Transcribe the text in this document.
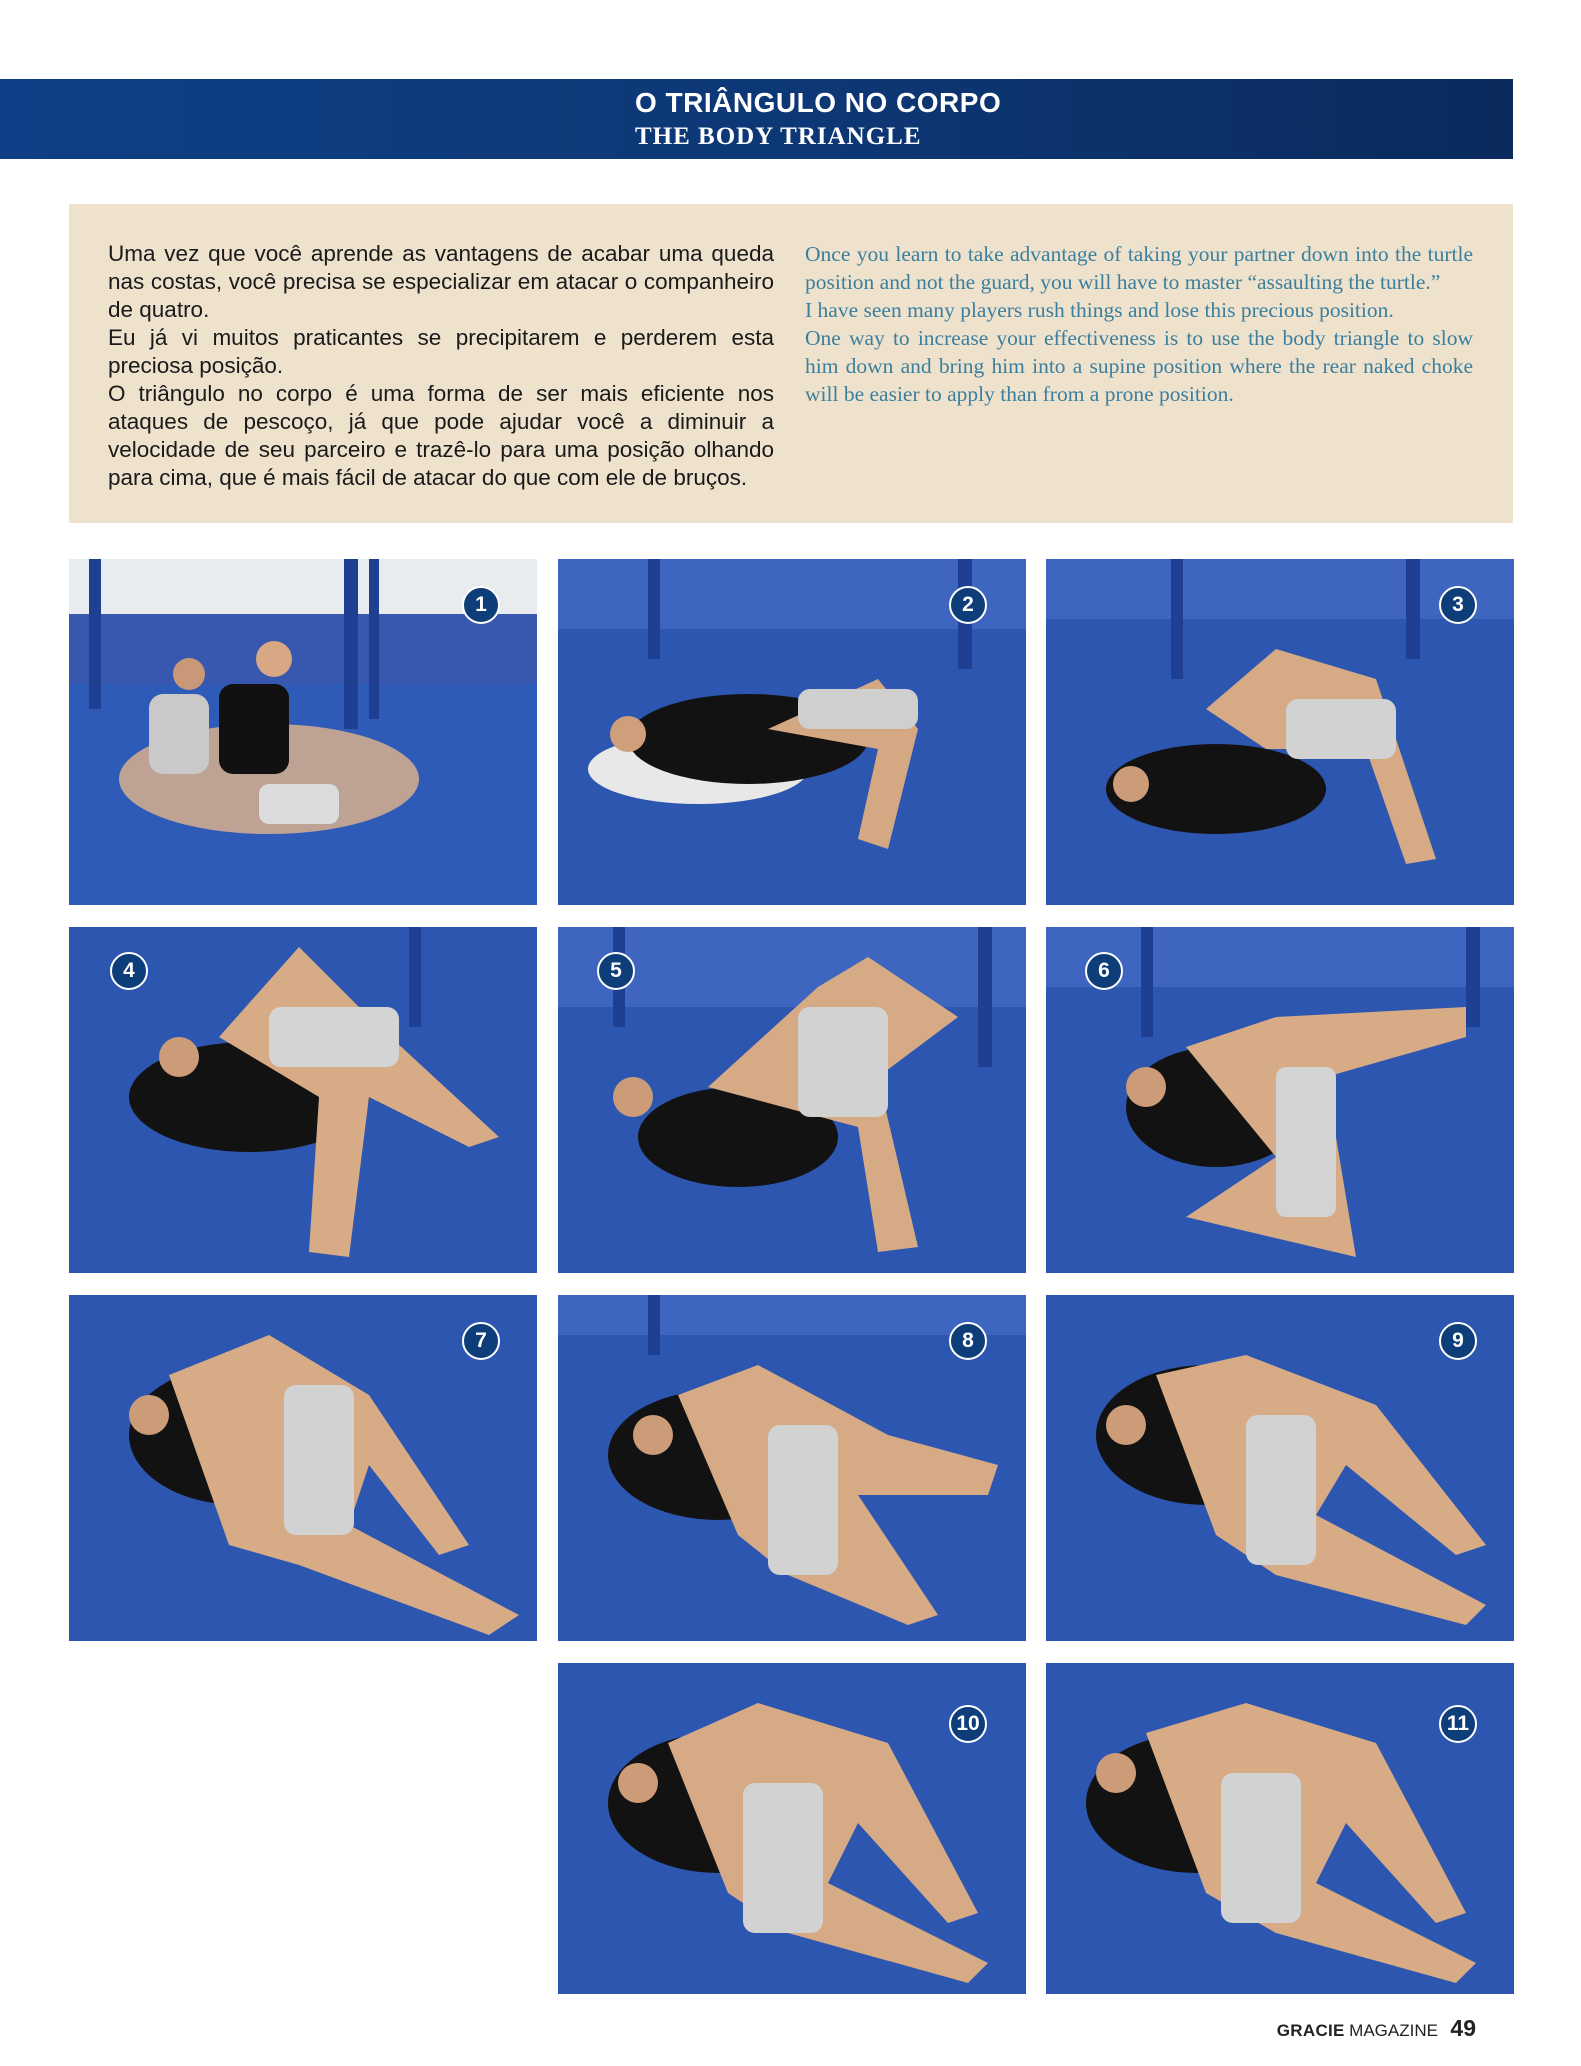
O TRIÂNGULO NO CORPO
THE BODY TRIANGLE

Uma vez que você aprende as vantagens de acabar uma queda nas costas, você precisa se especializar em atacar o companheiro de quatro.

Eu já vi muitos praticantes se precipitarem e perderem esta preciosa posição.

O triângulo no corpo é uma forma de ser mais eficiente nos ataques de pescoço, já que pode ajudar você a diminuir a velocidade de seu parceiro e trazê-lo para uma posição olhando para cima, que é mais fácil de atacar do que com ele de bruços.

Once you learn to take advantage of taking your partner down into the turtle position and not the guard, you will have to master “assaulting the turtle.”

I have seen many players rush things and lose this precious position.

One way to increase your effectiveness is to use the body triangle to slow him down and bring him into a supine position where the rear naked choke will be easier to apply than from a prone position.

1	2	3
4	5	6
7	8	9
10	11
GRACIE MAGAZINE 49
